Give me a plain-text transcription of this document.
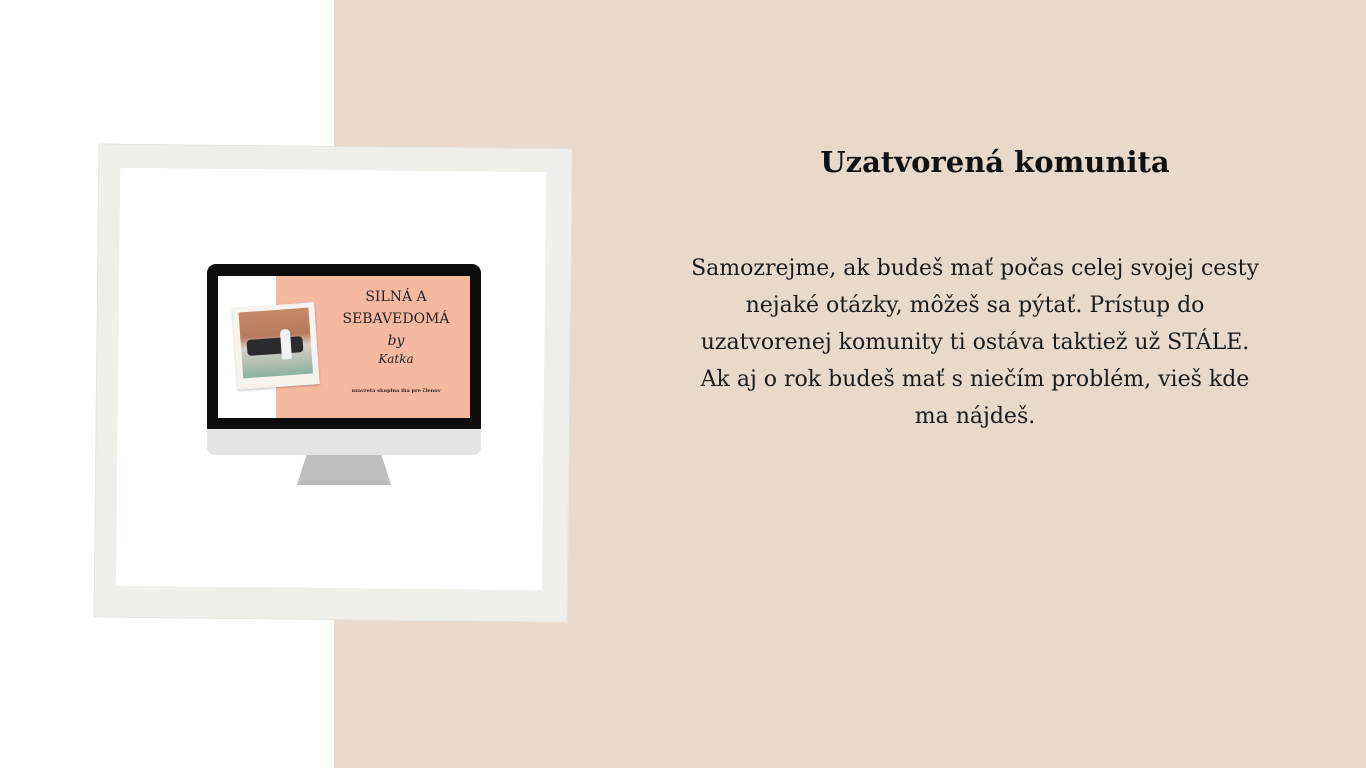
SILNÁ A
SEBAVEDOMÁ
by
Katka
uzavretá skupina iba pre členov
Uzatvorená komunita

Samozrejme, ak budeš mať počas celej svojej cesty nejaké otázky, môžeš sa pýtať. Prístup do uzatvorenej komunity ti ostáva taktiež už STÁLE. Ak aj o rok budeš mať s niečím problém, vieš kde ma nájdeš.
